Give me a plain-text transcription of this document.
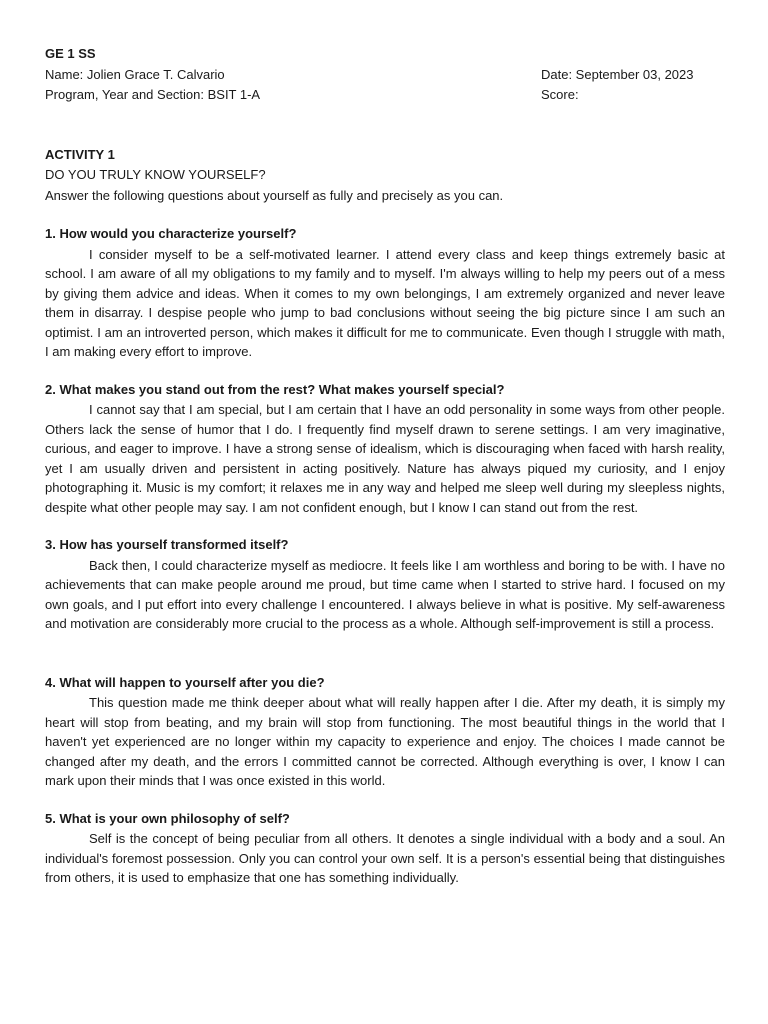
GE 1 SS
Name: Jolien Grace T. Calvario	Date: September 03, 2023
Program, Year and Section: BSIT 1-A	Score:
ACTIVITY 1
DO YOU TRULY KNOW YOURSELF?
Answer the following questions about yourself as fully and precisely as you can.
1. How would you characterize yourself?

I consider myself to be a self-motivated learner. I attend every class and keep things extremely basic at school. I am aware of all my obligations to my family and to myself. I'm always willing to help my peers out of a mess by giving them advice and ideas. When it comes to my own belongings, I am extremely organized and never leave them in disarray. I despise people who jump to bad conclusions without seeing the big picture since I am such an optimist. I am an introverted person, which makes it difficult for me to communicate. Even though I struggle with math, I am making every effort to improve.

2. What makes you stand out from the rest? What makes yourself special?

I cannot say that I am special, but I am certain that I have an odd personality in some ways from other people. Others lack the sense of humor that I do. I frequently find myself drawn to serene settings. I am very imaginative, curious, and eager to improve. I have a strong sense of idealism, which is discouraging when faced with harsh reality, yet I am usually driven and persistent in acting positively. Nature has always piqued my curiosity, and I enjoy photographing it. Music is my comfort; it relaxes me in any way and helped me sleep well during my sleepless nights, despite what other people may say. I am not confident enough, but I know I can stand out from the rest.

3. How has yourself transformed itself?

Back then, I could characterize myself as mediocre. It feels like I am worthless and boring to be with. I have no achievements that can make people around me proud, but time came when I started to strive hard. I focused on my own goals, and I put effort into every challenge I encountered. I always believe in what is positive. My self-awareness and motivation are considerably more crucial to the process as a whole. Although self-improvement is still a process.

4. What will happen to yourself after you die?

This question made me think deeper about what will really happen after I die. After my death, it is simply my heart will stop from beating, and my brain will stop from functioning. The most beautiful things in the world that I haven't yet experienced are no longer within my capacity to experience and enjoy. The choices I made cannot be changed after my death, and the errors I committed cannot be corrected. Although everything is over, I know I can mark upon their minds that I was once existed in this world.

5. What is your own philosophy of self?

Self is the concept of being peculiar from all others. It denotes a single individual with a body and a soul. An individual's foremost possession. Only you can control your own self. It is a person's essential being that distinguishes from others, it is used to emphasize that one has something individually.
